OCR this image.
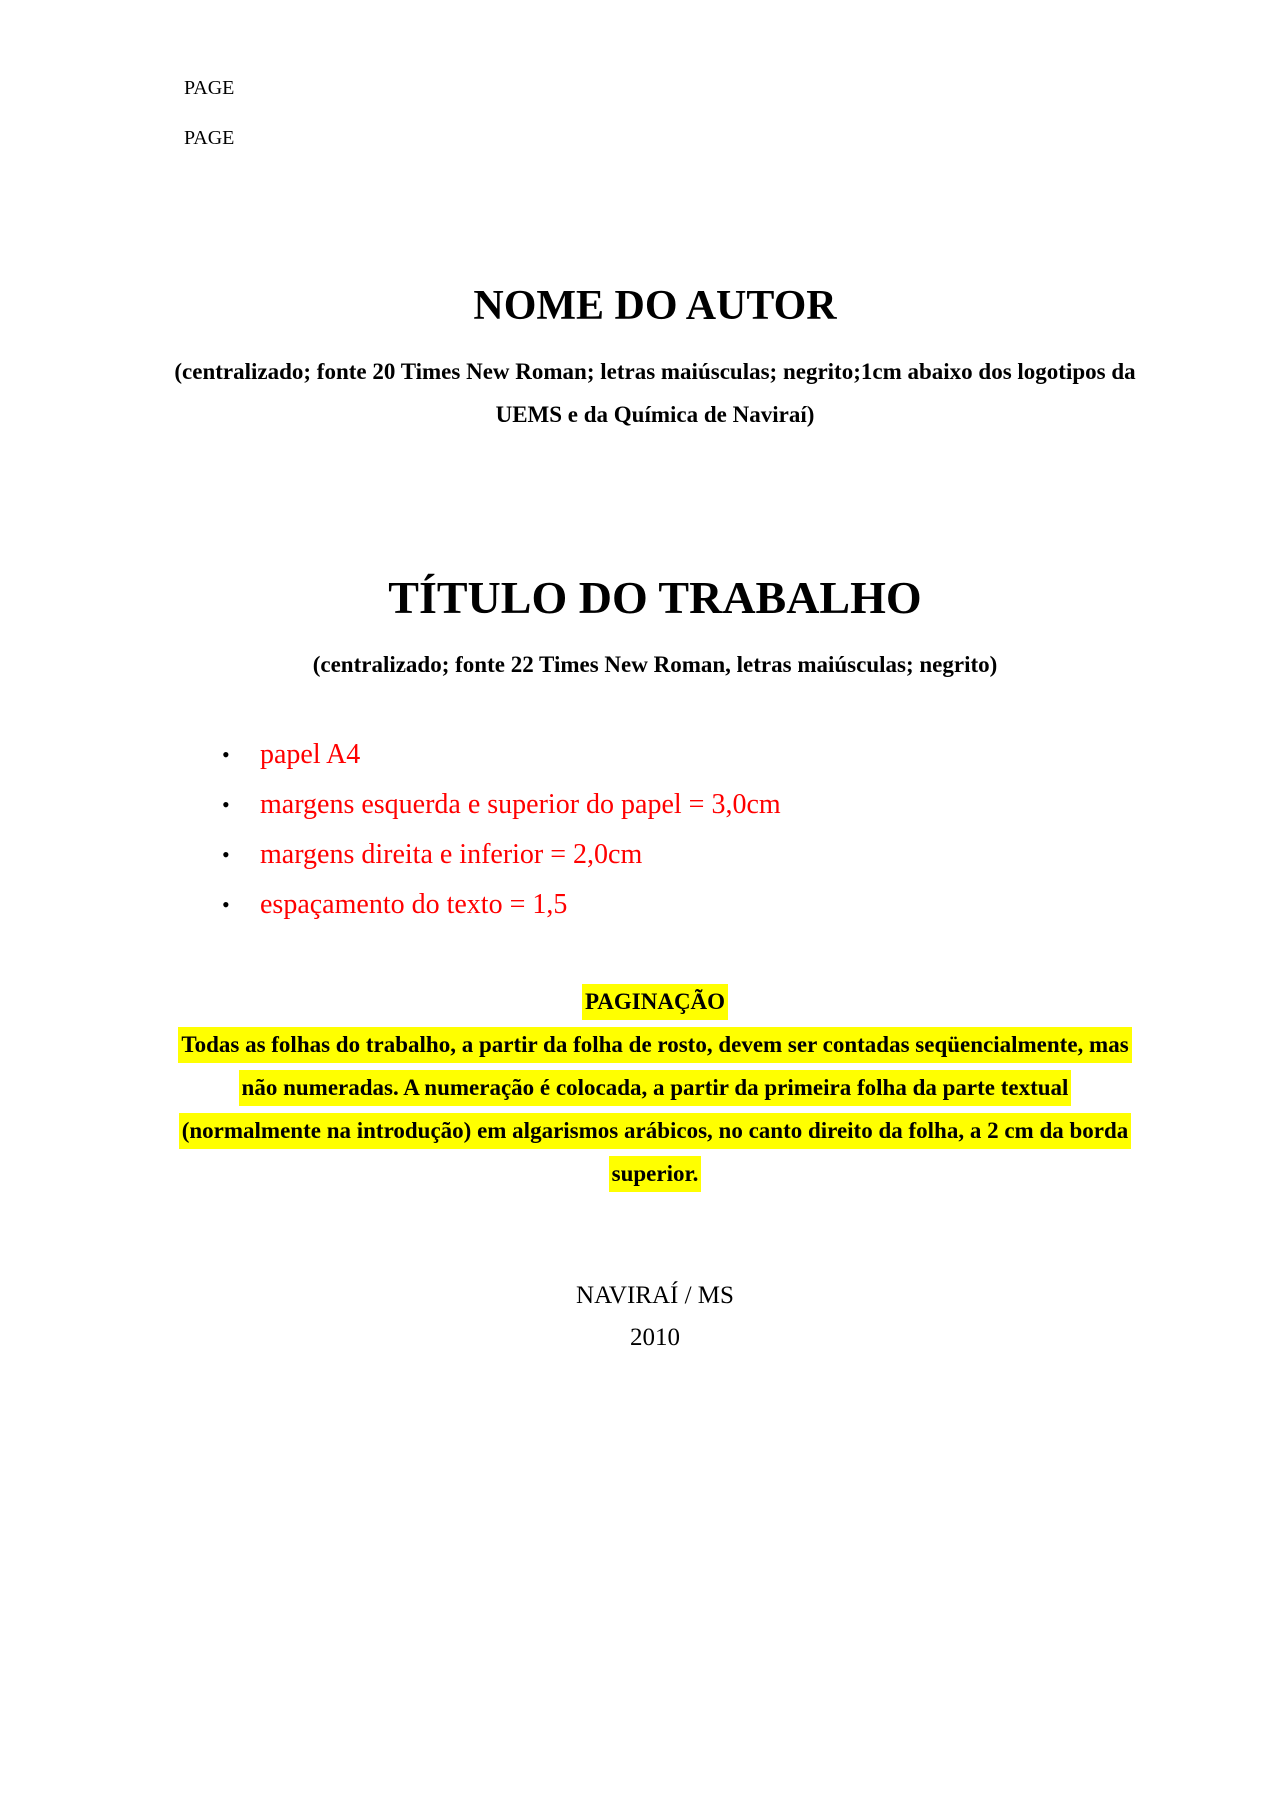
PAGE
PAGE
NOME DO AUTOR
(centralizado; fonte 20 Times New Roman; letras maiúsculas; negrito;1cm abaixo dos logotipos da UEMS e da Química de Naviraí)
TÍTULO DO TRABALHO
(centralizado; fonte 22 Times New Roman, letras maiúsculas; negrito)
• papel A4
• margens esquerda e superior do papel = 3,0cm
• margens direita e inferior = 2,0cm
• espaçamento do texto = 1,5
PAGINAÇÃO
Todas as folhas do trabalho, a partir da folha de rosto, devem ser contadas seqüencialmente, mas não numeradas. A numeração é colocada, a partir da primeira folha da parte textual (normalmente na introdução) em algarismos arábicos, no canto direito da folha, a 2 cm da borda superior.
NAVIRAÍ / MS
2010
